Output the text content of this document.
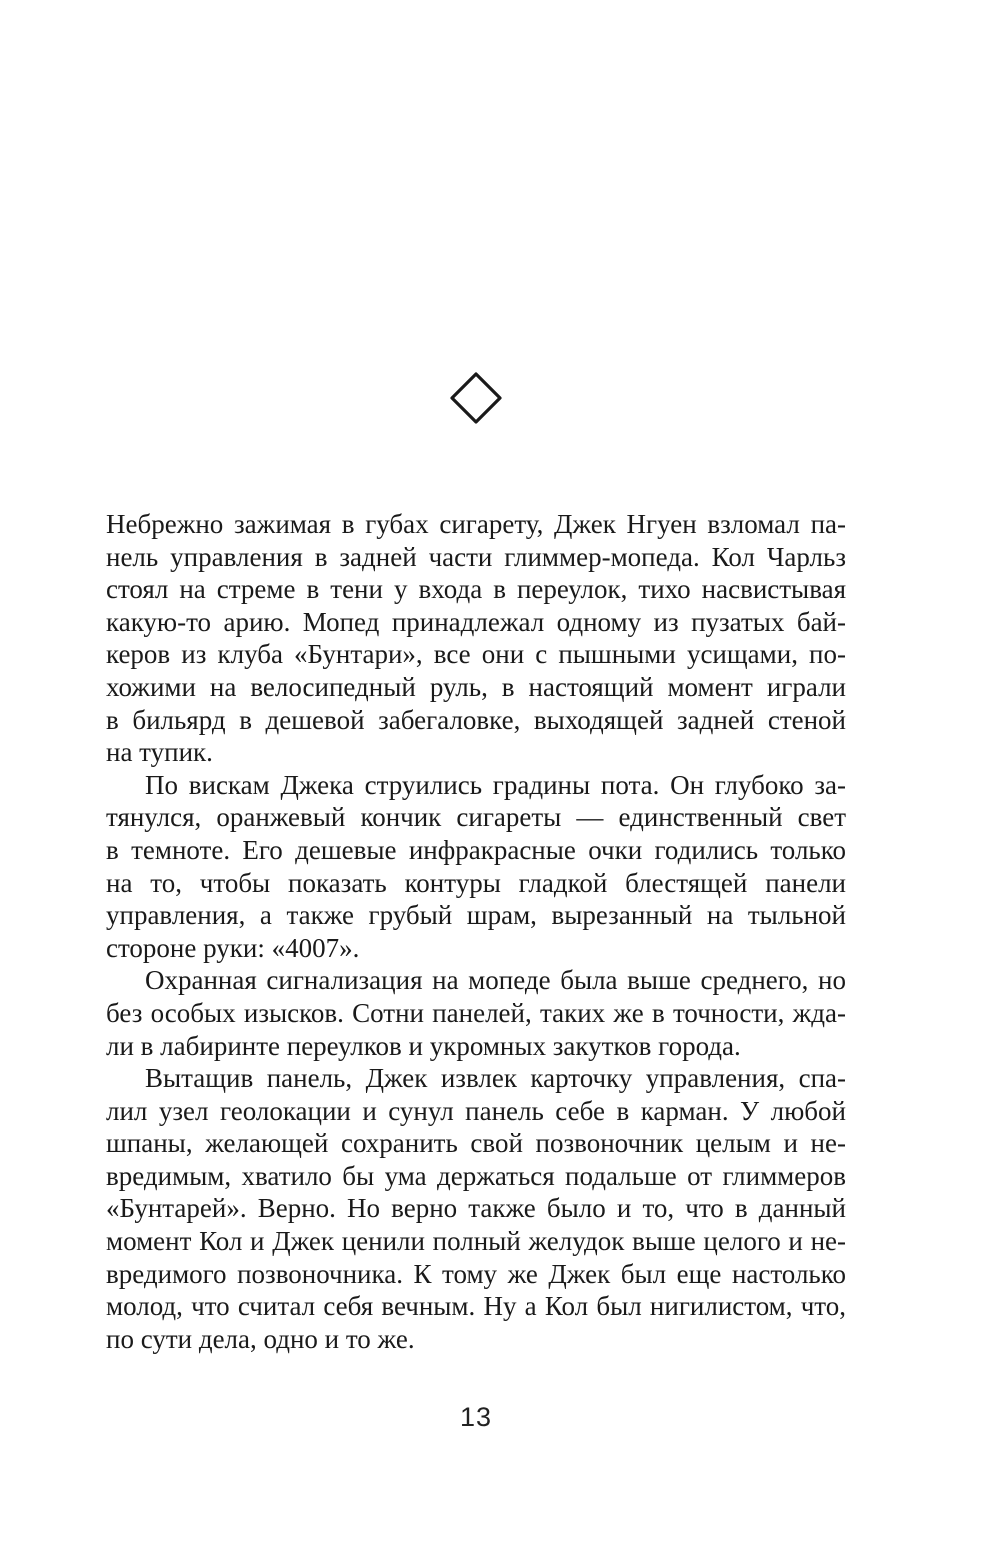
Небрежно зажимая в губах сигарету, Джек Нгуен взломал па-
нель управления в задней части глиммер-мопеда. Кол Чарльз
стоял на стреме в тени у входа в переулок, тихо насвистывая
какую-то арию. Мопед принадлежал одному из пузатых бай-
керов из клуба «Бунтари», все они с пышными усищами, по-
хожими на велосипедный руль, в настоящий момент играли
в бильярд в дешевой забегаловке, выходящей задней стеной
на тупик.

По вискам Джека струились градины пота. Он глубоко за-
тянулся, оранжевый кончик сигареты — единственный свет
в темноте. Его дешевые инфракрасные очки годились только
на то, чтобы показать контуры гладкой блестящей панели
управления, а также грубый шрам, вырезанный на тыльной
стороне руки: «4007».

Охранная сигнализация на мопеде была выше среднего, но
без особых изысков. Сотни панелей, таких же в точности, жда-
ли в лабиринте переулков и укромных закутков города.

Вытащив панель, Джек извлек карточку управления, спа-
лил узел геолокации и сунул панель себе в карман. У любой
шпаны, желающей сохранить свой позвоночник целым и не-
вредимым, хватило бы ума держаться подальше от глиммеров
«Бунтарей». Верно. Но верно также было и то, что в данный
момент Кол и Джек ценили полный желудок выше целого и не-
вредимого позвоночника. К тому же Джек был еще настолько
молод, что считал себя вечным. Ну а Кол был нигилистом, что,
по сути дела, одно и то же.

13
